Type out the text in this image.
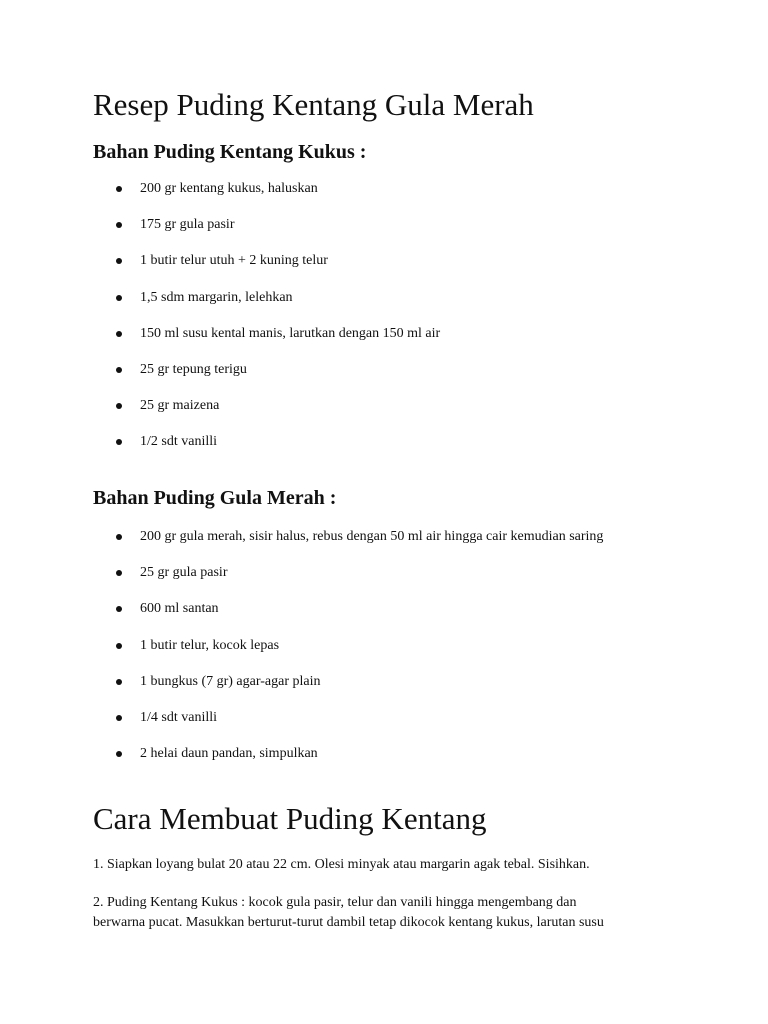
Resep Puding Kentang Gula Merah
Bahan Puding Kentang Kukus :
200 gr kentang kukus, haluskan
175 gr gula pasir
1 butir telur utuh + 2 kuning telur
1,5 sdm margarin, lelehkan
150 ml susu kental manis, larutkan dengan 150 ml air
25 gr tepung terigu
25 gr maizena
1/2 sdt vanilli
Bahan Puding Gula Merah :
200 gr gula merah, sisir halus, rebus dengan 50 ml air hingga cair kemudian saring
25 gr gula pasir
600 ml santan
1 butir telur, kocok lepas
1 bungkus (7 gr) agar-agar plain
1/4 sdt vanilli
2 helai daun pandan, simpulkan
Cara Membuat Puding Kentang

1. Siapkan loyang bulat 20 atau 22 cm. Olesi minyak atau margarin agak tebal. Sisihkan.

2. Puding Kentang Kukus : kocok gula pasir, telur dan vanili hingga mengembang dan

berwarna pucat. Masukkan berturut-turut dambil tetap dikocok kentang kukus, larutan susu
